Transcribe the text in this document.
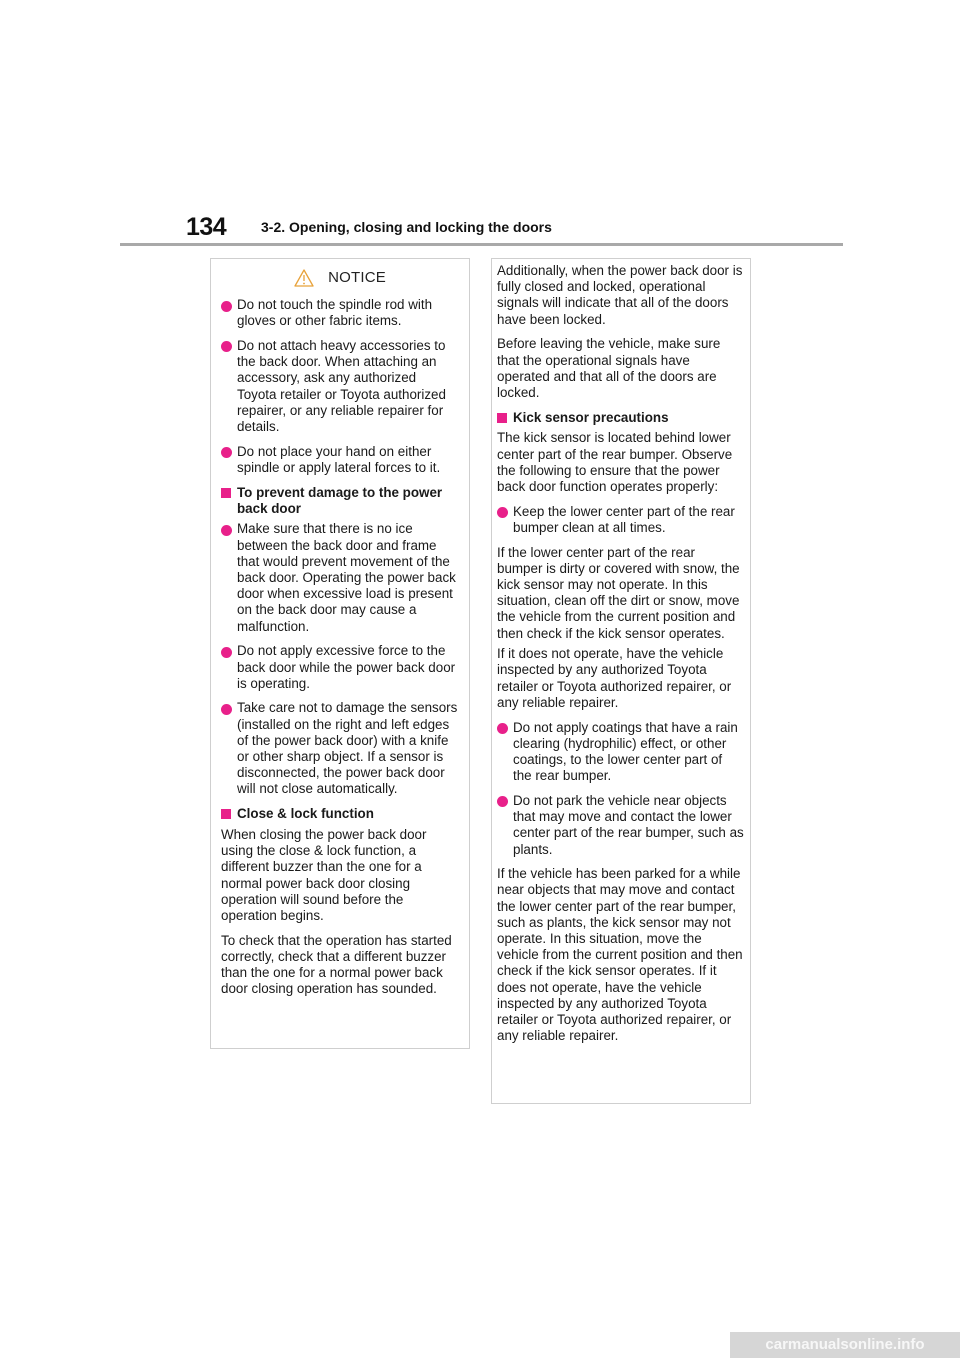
134 3-2. Opening, closing and locking the doors
NOTICE
Do not touch the spindle rod with gloves or other fabric items.
Do not attach heavy accessories to the back door. When attaching an accessory, ask any authorized Toyota retailer or Toyota authorized repairer, or any reliable repairer for details.
Do not place your hand on either spindle or apply lateral forces to it.
To prevent damage to the power back door
Make sure that there is no ice between the back door and frame that would prevent movement of the back door. Operating the power back door when excessive load is present on the back door may cause a malfunction.
Do not apply excessive force to the back door while the power back door is operating.
Take care not to damage the sensors (installed on the right and left edges of the power back door) with a knife or other sharp object. If a sensor is disconnected, the power back door will not close automatically.
Close & lock function
When closing the power back door using the close & lock function, a different buzzer than the one for a normal power back door closing operation will sound before the operation begins.
To check that the operation has started correctly, check that a different buzzer than the one for a normal power back door closing operation has sounded.
Additionally, when the power back door is fully closed and locked, operational signals will indicate that all of the doors have been locked.
Before leaving the vehicle, make sure that the operational signals have operated and that all of the doors are locked.
Kick sensor precautions
The kick sensor is located behind lower center part of the rear bumper. Observe the following to ensure that the power back door function operates properly:
Keep the lower center part of the rear bumper clean at all times.
If the lower center part of the rear bumper is dirty or covered with snow, the kick sensor may not operate. In this situation, clean off the dirt or snow, move the vehicle from the current position and then check if the kick sensor operates.
If it does not operate, have the vehicle inspected by any authorized Toyota retailer or Toyota authorized repairer, or any reliable repairer.
Do not apply coatings that have a rain clearing (hydrophilic) effect, or other coatings, to the lower center part of the rear bumper.
Do not park the vehicle near objects that may move and contact the lower center part of the rear bumper, such as plants.
If the vehicle has been parked for a while near objects that may move and contact the lower center part of the rear bumper, such as plants, the kick sensor may not operate. In this situation, move the vehicle from the current position and then check if the kick sensor operates. If it does not operate, have the vehicle inspected by any authorized Toyota retailer or Toyota authorized repairer, or any reliable repairer.
carmanualsonline.info
